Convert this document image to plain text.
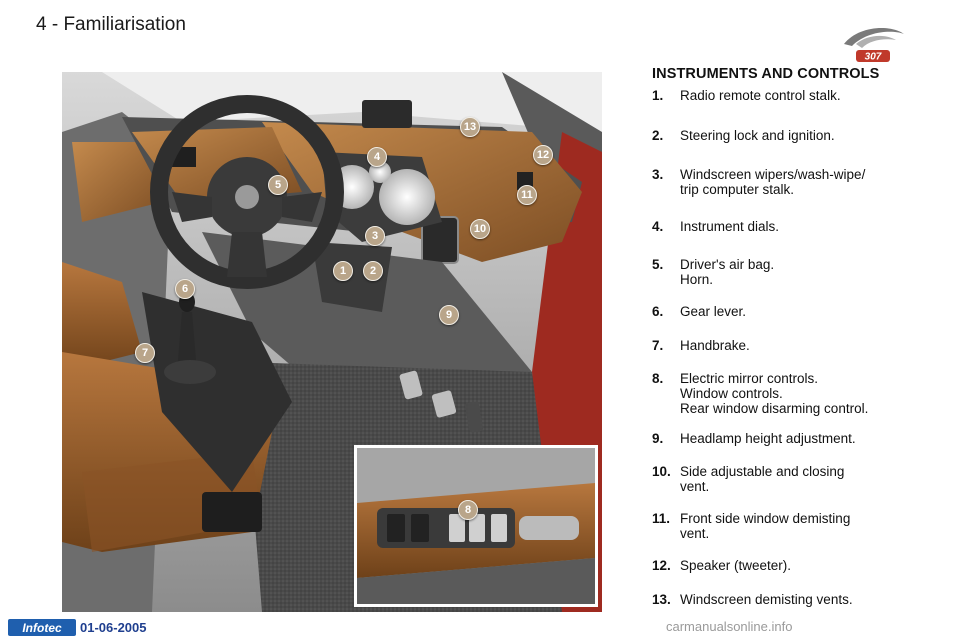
4 - Familiarisation
307
1	2
3
4
5
6
7
9
10
11
12
13
8
INSTRUMENTS AND CONTROLS
1. Radio remote control stalk.
2. Steering lock and ignition.
3. Windscreen wipers/wash-wipe/
trip computer stalk.
4. Instrument dials.
5. Driver's air bag.
Horn.
6. Gear lever.
7. Handbrake.
8. Electric mirror controls.
Window controls.
Rear window disarming control.
9. Headlamp height adjustment.
10. Side adjustable and closing
vent.
11. Front side window demisting
vent.
12. Speaker (tweeter).
13. Windscreen demisting vents.
Infotec	01-06-2005	carmanualsonline.info
